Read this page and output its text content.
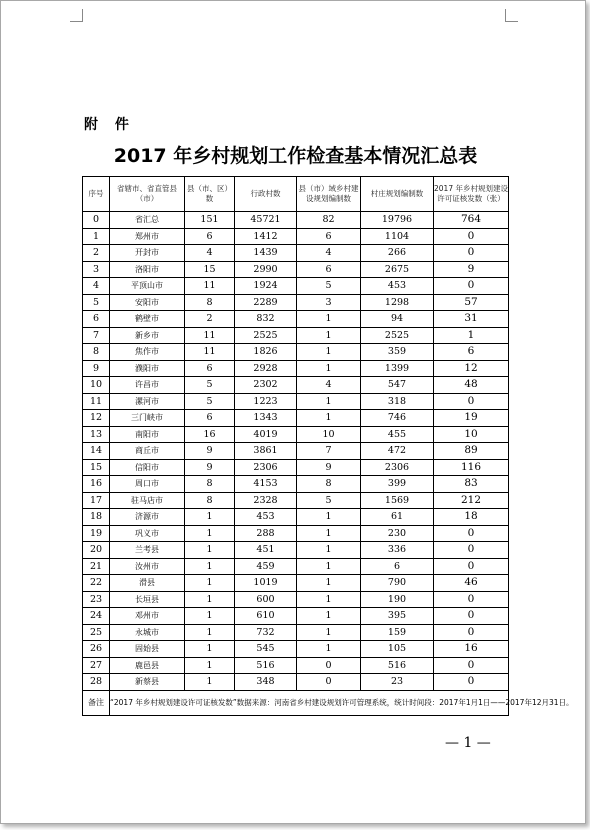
附 件
2017 年乡村规划工作检查基本情况汇总表
序号	省辖市、省直管县（市）	县（市、区）数	行政村数	县（市）域乡村建设规划编制数	村庄规划编制数	2017 年乡村规划建设许可证核发数（张）
0	省汇总	151	45721	82	19796	764
1	郑州市	6	1412	6	1104	0
2	开封市	4	1439	4	266	0
3	洛阳市	15	2990	6	2675	9
4	平顶山市	11	1924	5	453	0
5	安阳市	8	2289	3	1298	57
6	鹤壁市	2	832	1	94	31
7	新乡市	11	2525	1	2525	1
8	焦作市	11	1826	1	359	6
9	濮阳市	6	2928	1	1399	12
10	许昌市	5	2302	4	547	48
11	漯河市	5	1223	1	318	0
12	三门峡市	6	1343	1	746	19
13	南阳市	16	4019	10	455	10
14	商丘市	9	3861	7	472	89
15	信阳市	9	2306	9	2306	116
16	周口市	8	4153	8	399	83
17	驻马店市	8	2328	5	1569	212
18	济源市	1	453	1	61	18
19	巩义市	1	288	1	230	0
20	兰考县	1	451	1	336	0
21	汝州市	1	459	1	6	0
22	滑县	1	1019	1	790	46
23	长垣县	1	600	1	190	0
24	邓州市	1	610	1	395	0
25	永城市	1	732	1	159	0
26	固始县	1	545	1	105	16
27	鹿邑县	1	516	0	516	0
28	新蔡县	1	348	0	23	0
备注	“2017 年乡村规划建设许可证核发数”数据来源：河南省乡村建设规划许可管理系统，统计时间段：2017年1月1日——2017年12月31日。					
— 1 —
